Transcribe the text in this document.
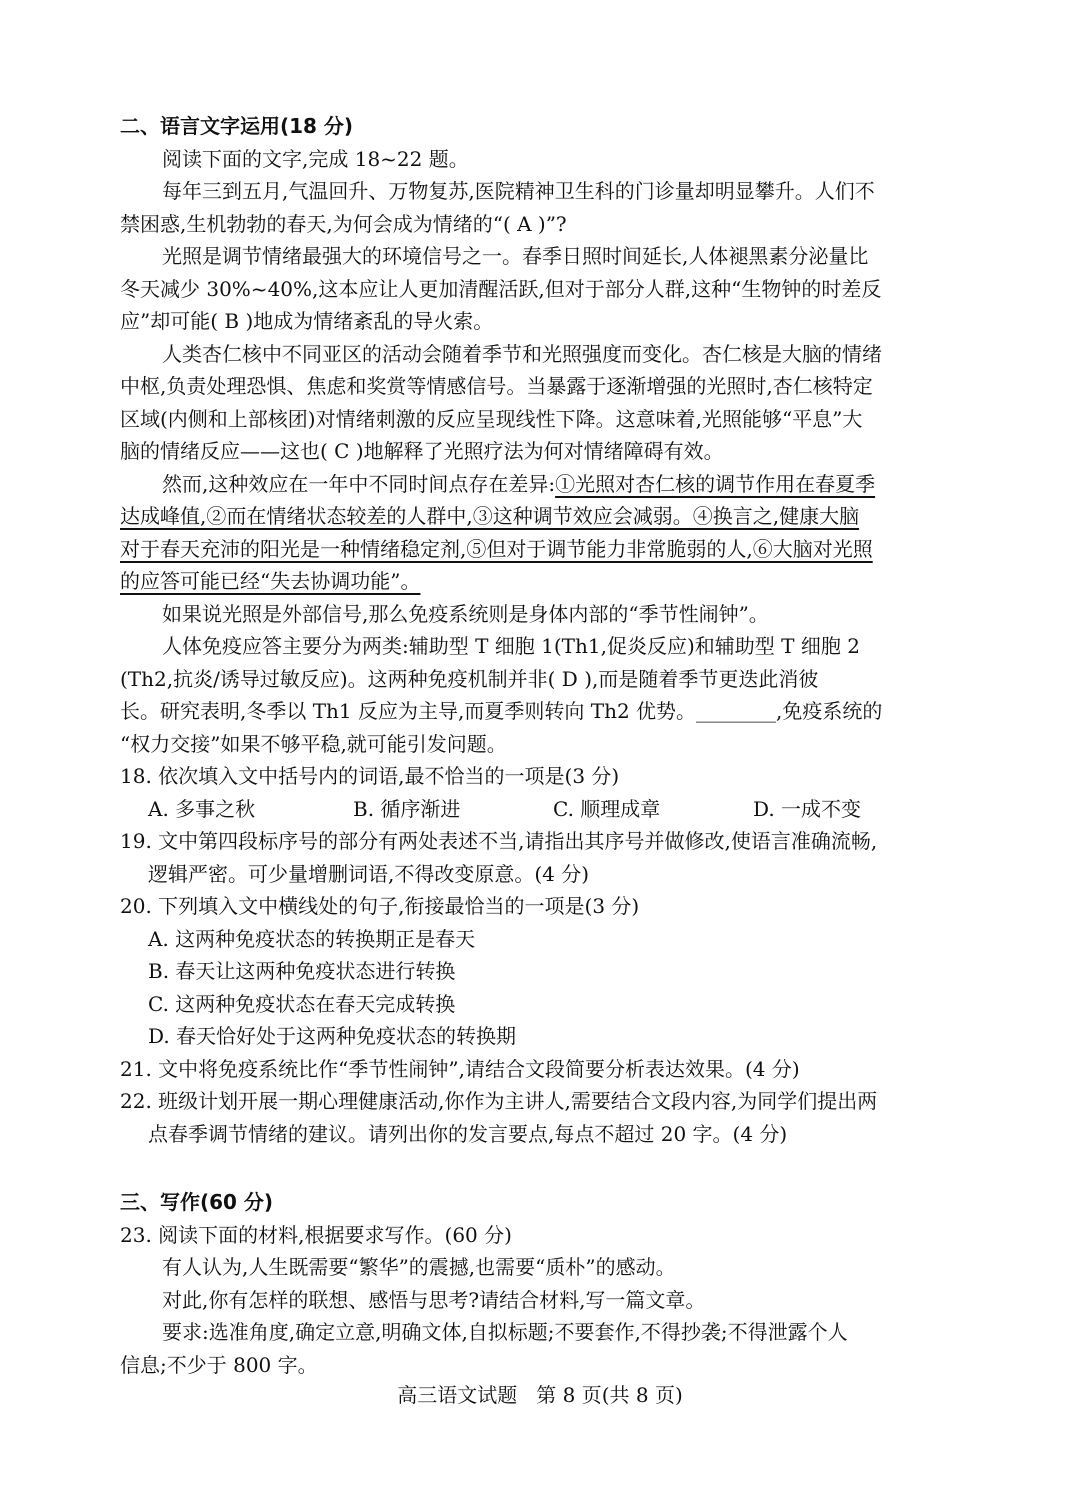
二、语言文字运用(18 分)
阅读下面的文字,完成 18~22 题。
每年三到五月,气温回升、万物复苏,医院精神卫生科的门诊量却明显攀升。人们不
禁困惑,生机勃勃的春天,为何会成为情绪的“( A )”?
光照是调节情绪最强大的环境信号之一。春季日照时间延长,人体褪黑素分泌量比
冬天减少 30%~40%,这本应让人更加清醒活跃,但对于部分人群,这种“生物钟的时差反
应”却可能( B )地成为情绪紊乱的导火索。
人类杏仁核中不同亚区的活动会随着季节和光照强度而变化。杏仁核是大脑的情绪
中枢,负责处理恐惧、焦虑和奖赏等情感信号。当暴露于逐渐增强的光照时,杏仁核特定
区域(内侧和上部核团)对情绪刺激的反应呈现线性下降。这意味着,光照能够“平息”大
脑的情绪反应——这也( C )地解释了光照疗法为何对情绪障碍有效。
然而,这种效应在一年中不同时间点存在差异:①光照对杏仁核的调节作用在春夏季
达成峰值,②而在情绪状态较差的人群中,③这种调节效应会减弱。④换言之,健康大脑
对于春天充沛的阳光是一种情绪稳定剂,⑤但对于调节能力非常脆弱的人,⑥大脑对光照
的应答可能已经“失去协调功能”。
如果说光照是外部信号,那么免疫系统则是身体内部的“季节性闹钟”。
人体免疫应答主要分为两类:辅助型 T 细胞 1(Th1,促炎反应)和辅助型 T 细胞 2
(Th2,抗炎/诱导过敏反应)。这两种免疫机制并非( D ),而是随着季节更迭此消彼
长。研究表明,冬季以 Th1 反应为主导,而夏季则转向 Th2 优势。________,免疫系统的
“权力交接”如果不够平稳,就可能引发问题。
18. 依次填入文中括号内的词语,最不恰当的一项是(3 分)
A. 多事之秋	B. 循序渐进	C. 顺理成章	D. 一成不变
19. 文中第四段标序号的部分有两处表述不当,请指出其序号并做修改,使语言准确流畅,
逻辑严密。可少量增删词语,不得改变原意。(4 分)
20. 下列填入文中横线处的句子,衔接最恰当的一项是(3 分)
A. 这两种免疫状态的转换期正是春天
B. 春天让这两种免疫状态进行转换
C. 这两种免疫状态在春天完成转换
D. 春天恰好处于这两种免疫状态的转换期
21. 文中将免疫系统比作“季节性闹钟”,请结合文段简要分析表达效果。(4 分)
22. 班级计划开展一期心理健康活动,你作为主讲人,需要结合文段内容,为同学们提出两
点春季调节情绪的建议。请列出你的发言要点,每点不超过 20 字。(4 分)
三、写作(60 分)
23. 阅读下面的材料,根据要求写作。(60 分)
有人认为,人生既需要“繁华”的震撼,也需要“质朴”的感动。
对此,你有怎样的联想、感悟与思考?请结合材料,写一篇文章。
要求:选准角度,确定立意,明确文体,自拟标题;不要套作,不得抄袭;不得泄露个人
信息;不少于 800 字。
高三语文试题   第 8 页(共 8 页)
